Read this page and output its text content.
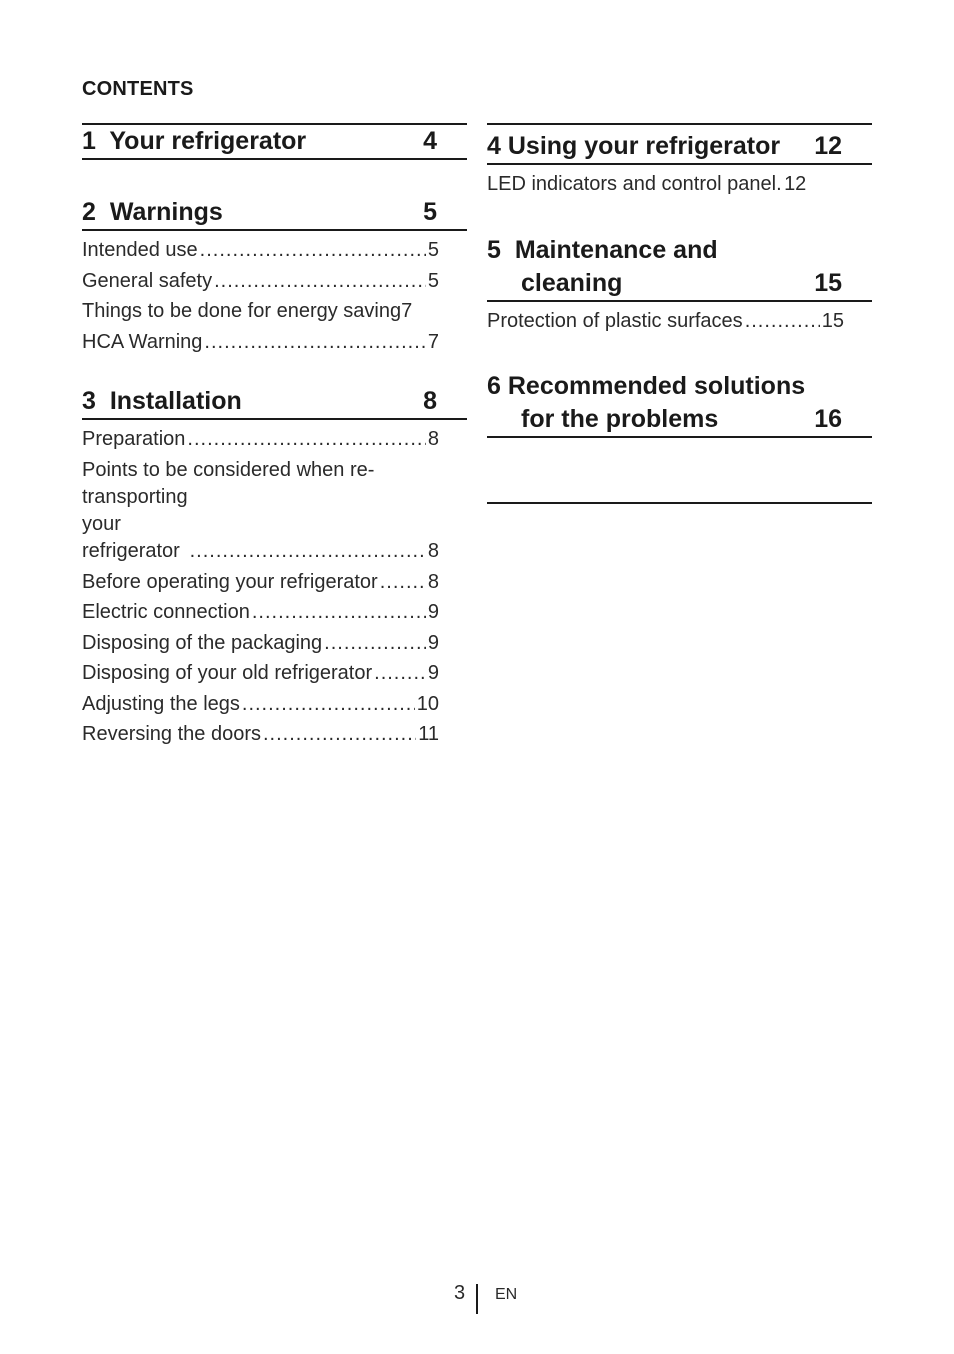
CONTENTS
1 Your refrigerator	4
2 Warnings	5
Intended use .....	5
General safety .....	5
Things to be done for energy saving 7
HCA Warning .....	7
3 Installation	8
Preparation .....	8
Points to be considered when re-
transporting your refrigerator .....	8
Before operating your refrigerator .....	8
Electric connection .....	9
Disposing of the packaging .....	9
Disposing of your old refrigerator .....	9
Adjusting the legs .....	10
Reversing the doors .....	11
4 Using your refrigerator 12
LED indicators and control panel ..... 12
5 Maintenance and
cleaning	15
Protection of plastic surfaces .....	15
6 Recommended solutions
for the problems	16
3 EN
